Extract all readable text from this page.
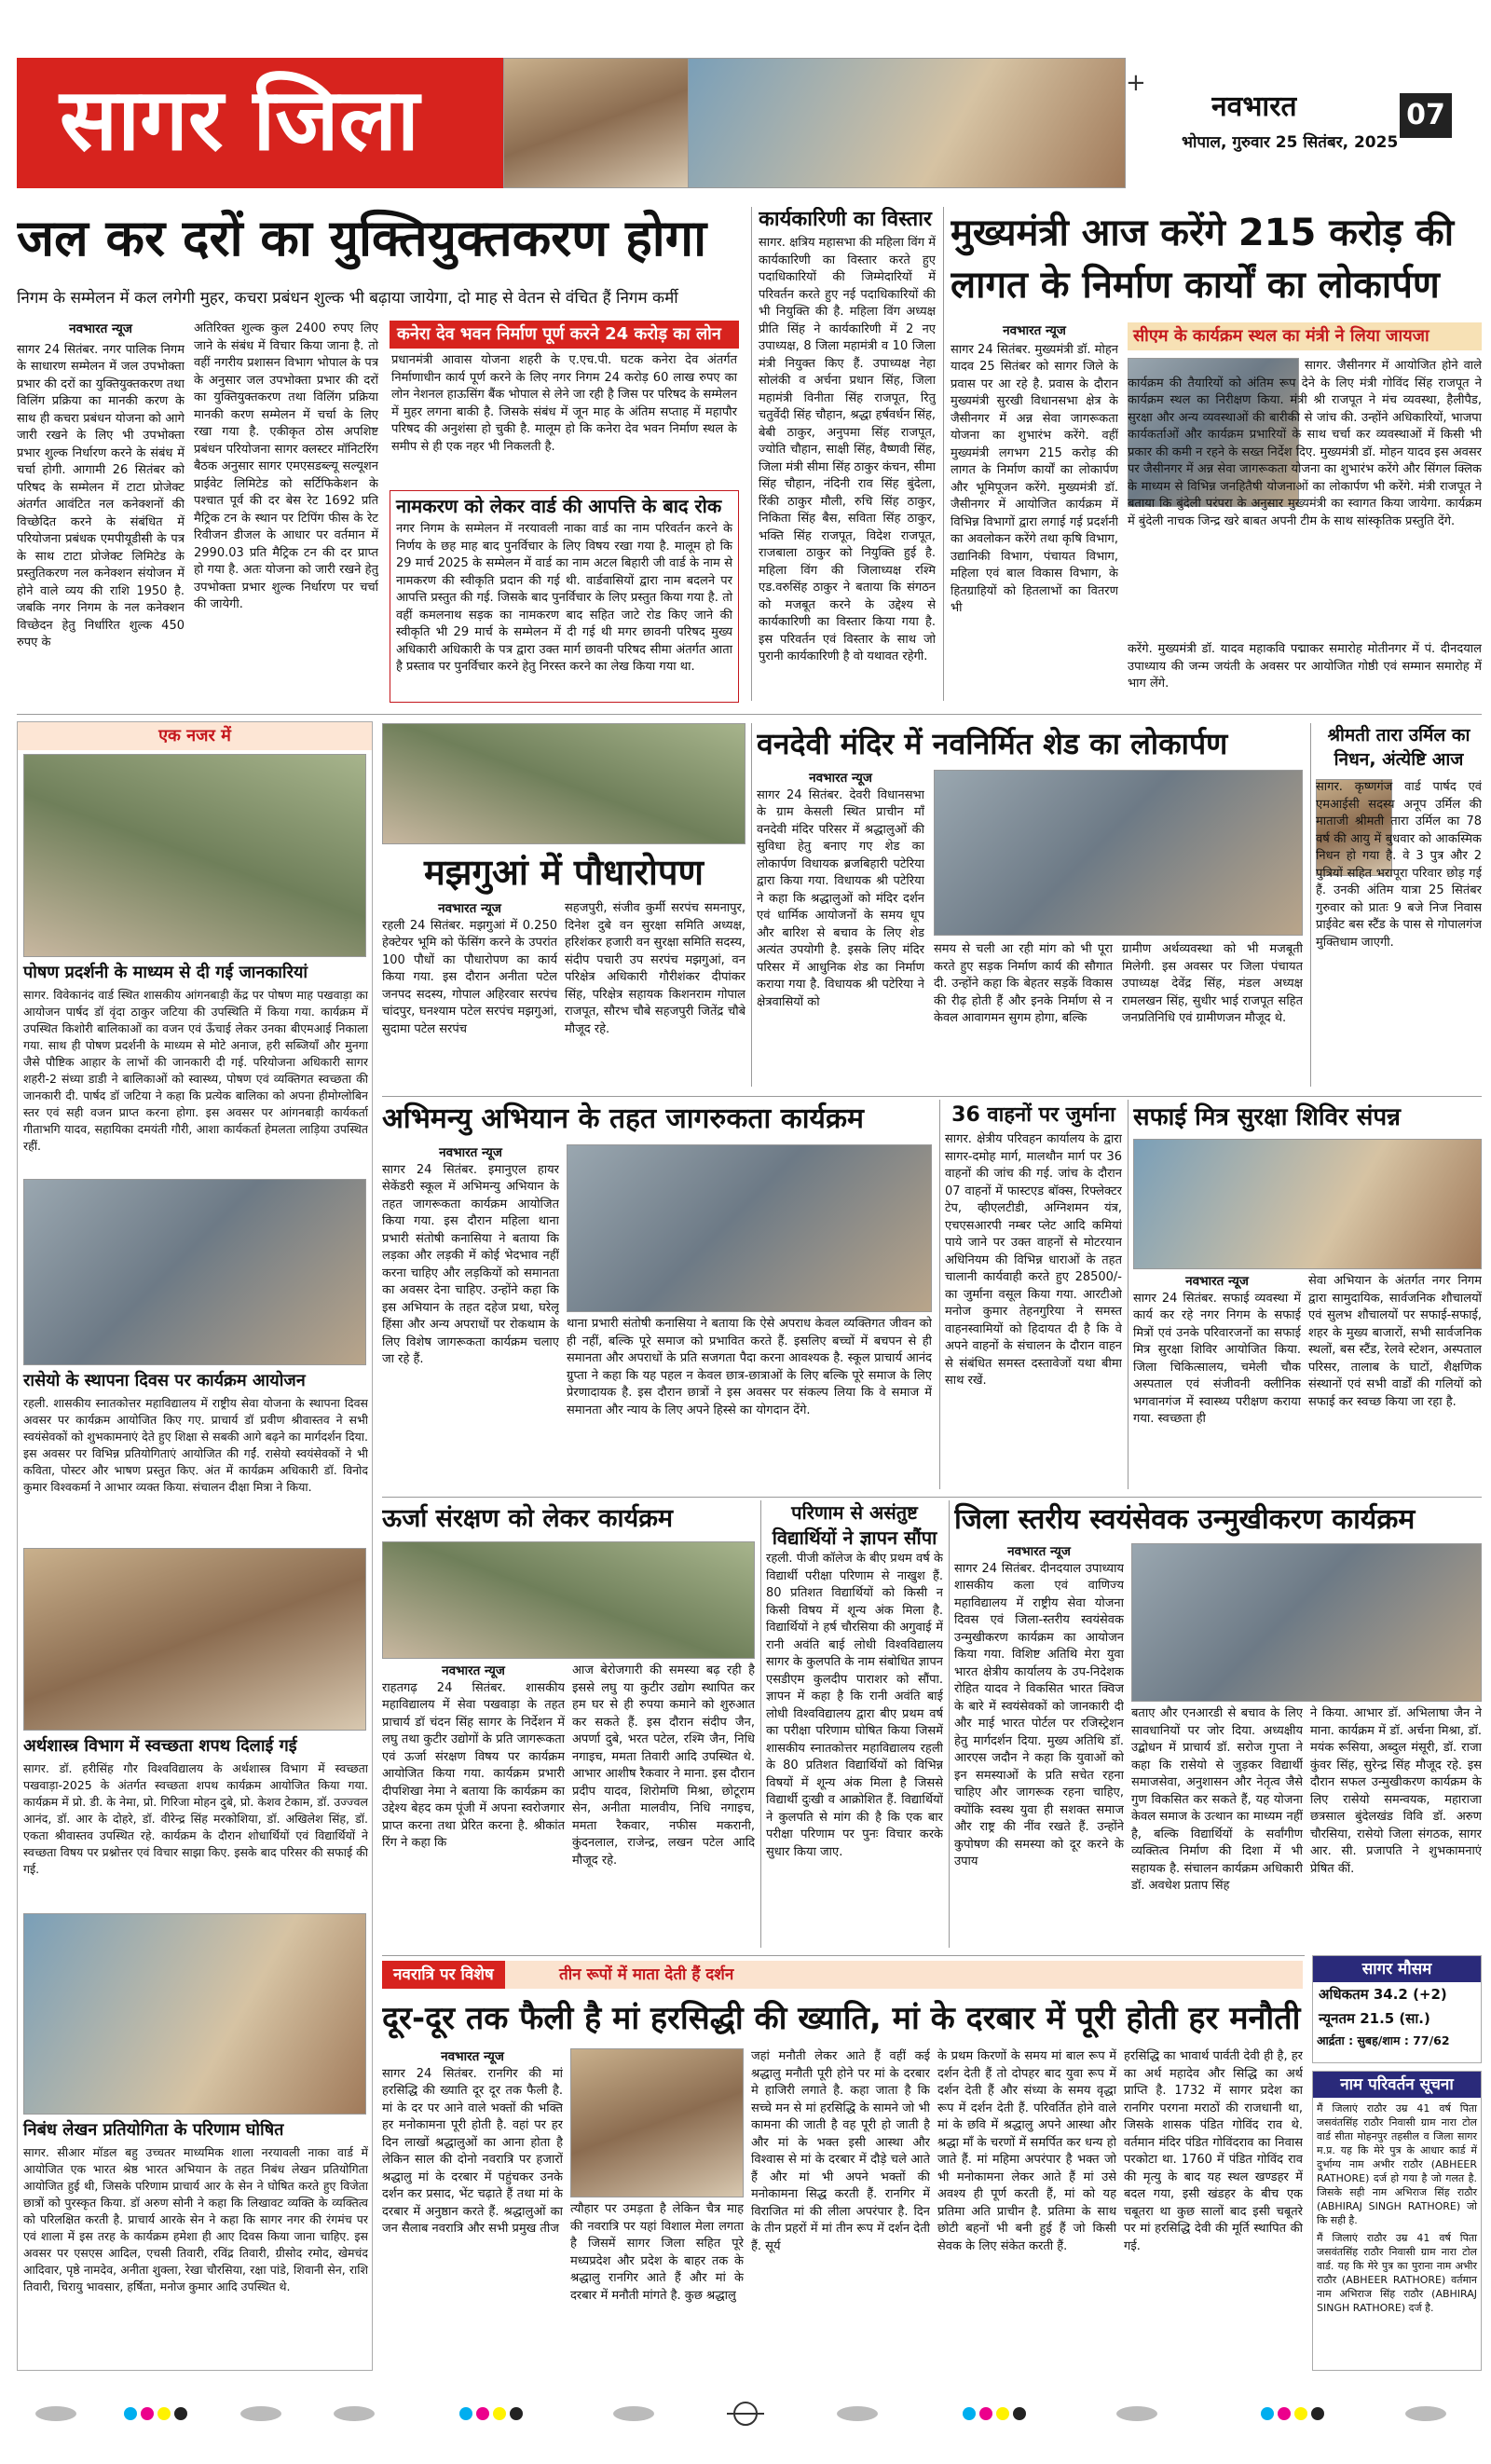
+
सागर जिला	नवभारत	07
भोपाल, गुरुवार 25 सितंबर, 2025
जल कर दरों का युक्तियुक्तकरण होगा
निगम के सम्मेलन में कल लगेगी मुहर, कचरा प्रबंधन शुल्क भी बढ़ाया जायेगा, दो माह से वेतन से वंचित हैं निगम कर्मी
नवभारत न्यूज
सागर 24 सितंबर. नगर पालिक निगम के साधारण सम्मेलन में जल उपभोक्ता प्रभार की दरों का युक्तियुक्तकरण तथा विलिंग प्रक्रिया का मानकी करण के साथ ही कचरा प्रबंधन योजना को आगे जारी रखने के लिए भी उपभोक्ता प्रभार शुल्क निर्धारण करने के संबंध में चर्चा होगी. आगामी 26 सितंबर को परिषद के सम्मेलन में टाटा प्रोजेक्ट अंतर्गत आवंटित नल कनेक्शनों की विच्छेदित करने के संबंधित में परियोजना प्रबंधक एमपीयूडीसी के पत्र के साथ टाटा प्रोजेक्ट लिमिटेड के प्रस्तुतिकरण नल कनेक्शन संयोजन में होने वाले व्यय की राशि 1950 है. जबकि नगर निगम के नल कनेक्शन विच्छेदन हेतु निर्धारित शुल्क 450 रुपए के
अतिरिक्त शुल्क कुल 2400 रुपए लिए जाने के संबंध में विचार किया जाना है. तो वहीं नगरीय प्रशासन विभाग भोपाल के पत्र के अनुसार जल उपभोक्ता प्रभार की दरों का युक्तियुक्तकरण तथा विलिंग प्रक्रिया मानकी करण सम्मेलन में चर्चा के लिए रखा गया है. एकीकृत ठोस अपशिष्ट प्रबंधन परियोजना सागर क्लस्टर मॉनिटरिंग बैठक अनुसार सागर एमएसडब्ल्यू सल्यूशन प्राईवेट लिमिटेड को सर्टिफिकेशन के पश्चात पूर्व की दर बेस रेट 1692 प्रति मैट्रिक टन के स्थान पर टिपिंग फीस के रेट रिवीजन डीजल के आधार पर वर्तमान में 2990.03 प्रति मैट्रिक टन की दर प्राप्त हो गया है. अतः योजना को जारी रखने हेतु उपभोक्ता प्रभार शुल्क निर्धारण पर चर्चा की जायेगी.
कनेरा देव भवन निर्माण पूर्ण करने 24 करोड़ का लोन
प्रधानमंत्री आवास योजना शहरी के ए.एच.पी. घटक कनेरा देव अंतर्गत निर्माणाधीन कार्य पूर्ण करने के लिए नगर निगम 24 करोड़ 60 लाख रुपए का लोन नेशनल हाऊसिंग बैंक भोपाल से लेने जा रही है जिस पर परिषद के सम्मेलन में मुहर लगना बाकी है. जिसके संबंध में जून माह के अंतिम सप्ताह में महापौर परिषद की अनुशंसा हो चुकी है. मालूम हो कि कनेरा देव भवन निर्माण स्थल के समीप से ही एक नहर भी निकलती है.
नामकरण को लेकर वार्ड की आपत्ति के बाद रोक
नगर निगम के सम्मेलन में नरयावली नाका वार्ड का नाम परिवर्तन करने के निर्णय के छह माह बाद पुनर्विचार के लिए विषय रखा गया है. मालूम हो कि 29 मार्च 2025 के सम्मेलन में वार्ड का नाम अटल बिहारी जी वार्ड के नाम से नामकरण की स्वीकृति प्रदान की गई थी. वार्डवासियों द्वारा नाम बदलने पर आपत्ति प्रस्तुत की गई. जिसके बाद पुनर्विचार के लिए प्रस्तुत किया गया है. तो वहीं कमलनाथ सड़क का नामकरण बाद सहित जाटे रोड किए जाने की स्वीकृति भी 29 मार्च के सम्मेलन में दी गई थी मगर छावनी परिषद मुख्य अधिकारी अधिकारी के पत्र द्वारा उक्त मार्ग छावनी परिषद सीमा अंतर्गत आता है प्रस्ताव पर पुनर्विचार करने हेतु निरस्त करने का लेख किया गया था.
कार्यकारिणी का विस्तार
सागर. क्षत्रिय महासभा की महिला विंग में कार्यकारिणी का विस्तार करते हुए पदाधिकारियों की जिम्मेदारियों में परिवर्तन करते हुए नई पदाधिकारियों की भी नियुक्ति की है. महिला विंग अध्यक्ष प्रीति सिंह ने कार्यकारिणी में 2 नए उपाध्यक्ष, 8 जिला महामंत्री व 10 जिला मंत्री नियुक्त किए हैं. उपाध्यक्ष नेहा सोलंकी व अर्चना प्रधान सिंह, जिला महामंत्री विनीता सिंह राजपूत, रितु चतुर्वेदी सिंह चौहान, श्रद्धा हर्षवर्धन सिंह, बेबी ठाकुर, अनुपमा सिंह राजपूत, ज्योति चौहान, साक्षी सिंह, वैष्णवी सिंह, जिला मंत्री सीमा सिंह ठाकुर कंचन, सीमा सिंह चौहान, नंदिनी राव सिंह बुंदेला, रिंकी ठाकुर मौली, रुचि सिंह ठाकुर, निकिता सिंह बैस, सविता सिंह ठाकुर, भक्ति सिंह राजपूत, विदेश राजपूत, राजबाला ठाकुर को नियुक्ति हुई है. महिला विंग की जिलाध्यक्ष रश्मि एड.वरुसिंह ठाकुर ने बताया कि संगठन को मजबूत करने के उद्देश्य से कार्यकारिणी का विस्तार किया गया है. इस परिवर्तन एवं विस्तार के साथ जो पुरानी कार्यकारिणी है वो यथावत रहेगी.
मुख्यमंत्री आज करेंगे 215 करोड़ की लागत के निर्माण कार्यों का लोकार्पण
नवभारत न्यूज
सागर 24 सितंबर. मुख्यमंत्री डॉ. मोहन यादव 25 सितंबर को सागर जिले के प्रवास पर आ रहे है. प्रवास के दौरान मुख्यमंत्री सुरखी विधानसभा क्षेत्र के जैसीनगर में अन्न सेवा जागरूकता योजना का शुभारंभ करेंगे. वहीं मुख्यमंत्री लगभग 215 करोड़ की लागत के निर्माण कार्यों का लोकार्पण और भूमिपूजन करेंगे. मुख्यमंत्री डॉ. जैसीनगर में आयोजित कार्यक्रम में विभिन्न विभागों द्वारा लगाई गई प्रदर्शनी का अवलोकन करेंगे तथा कृषि विभाग, उद्यानिकी विभाग, पंचायत विभाग, महिला एवं बाल विकास विभाग, के हितग्राहियों को हितलाभों का वितरण भी
सीएम के कार्यक्रम स्थल का मंत्री ने लिया जायजा
सागर. जैसीनगर में आयोजित होने वाले कार्यक्रम की तैयारियों को अंतिम रूप देने के लिए मंत्री गोविंद सिंह राजपूत ने कार्यक्रम स्थल का निरीक्षण किया. मंत्री श्री राजपूत ने मंच व्यवस्था, हैलीपैड, सुरक्षा और अन्य व्यवस्थाओं की बारीकी से जांच की. उन्होंने अधिकारियों, भाजपा कार्यकर्ताओं और कार्यक्रम प्रभारियों के साथ चर्चा कर व्यवस्थाओं में किसी भी प्रकार की कमी न रहने के सख्त निर्देश दिए. मुख्यमंत्री डॉ. मोहन यादव इस अवसर पर जैसीनगर में अन्न सेवा जागरूकता योजना का शुभारंभ करेंगे और सिंगल क्लिक के माध्यम से विभिन्न जनहितैषी योजनाओं का लोकार्पण भी करेंगे. मंत्री राजपूत ने बताया कि बुंदेली परंपरा के अनुसार मुख्यमंत्री का स्वागत किया जायेगा. कार्यक्रम में बुंदेली नाचक जिन्द्र खरे बाबत अपनी टीम के साथ सांस्कृतिक प्रस्तुति देंगे.
करेंगे. मुख्यमंत्री डॉ. यादव महाकवि पद्माकर समारोह मोतीनगर में पं. दीनदयाल उपाध्याय की जन्म जयंती के अवसर पर आयोजित गोष्ठी एवं सम्मान समारोह में भाग लेंगे.
एक नजर में
पोषण प्रदर्शनी के माध्यम से दी गई जानकारियां
सागर. विवेकानंद वार्ड स्थित शासकीय आंगनबाड़ी केंद्र पर पोषण माह पखवाड़ा का आयोजन पार्षद डॉ वृंदा ठाकुर जटिया की उपस्थिति में किया गया. कार्यक्रम में उपस्थित किशोरी बालिकाओं का वजन एवं ऊँचाई लेकर उनका बीएमआई निकाला गया. साथ ही पोषण प्रदर्शनी के माध्यम से मोटे अनाज, हरी सब्जियाँ और मुनगा जैसे पौष्टिक आहार के लाभों की जानकारी दी गई. परियोजना अधिकारी सागर शहरी-2 संध्या डाडी ने बालिकाओं को स्वास्थ्य, पोषण एवं व्यक्तिगत स्वच्छता की जानकारी दी. पार्षद डॉ जटिया ने कहा कि प्रत्येक बालिका को अपना हीमोग्लोबिन स्तर एवं सही वजन प्राप्त करना होगा. इस अवसर पर आंगनबाड़ी कार्यकर्ता गीताभगि यादव, सहायिका दमयंती गौरी, आशा कार्यकर्ता हेमलता लाड़िया उपस्थित रहीं.
रासेयो के स्थापना दिवस पर कार्यक्रम आयोजन
रहली. शासकीय स्नातकोत्तर महाविद्यालय में राष्ट्रीय सेवा योजना के स्थापना दिवस अवसर पर कार्यक्रम आयोजित किए गए. प्राचार्य डॉ प्रवीण श्रीवास्तव ने सभी स्वयंसेवकों को शुभकामनाएं देते हुए शिक्षा से सबकी आगे बढ़ने का मार्गदर्शन दिया. इस अवसर पर विभिन्न प्रतियोगिताएं आयोजित की गईं. रासेयो स्वयंसेवकों ने भी कविता, पोस्टर और भाषण प्रस्तुत किए. अंत में कार्यक्रम अधिकारी डॉ. विनोद कुमार विश्वकर्मा ने आभार व्यक्त किया. संचालन दीक्षा मित्रा ने किया.
अर्थशास्त्र विभाग में स्वच्छता शपथ दिलाई गई
सागर. डॉ. हरीसिंह गौर विश्वविद्यालय के अर्थशास्त्र विभाग में स्वच्छता पखवाड़ा-2025 के अंतर्गत स्वच्छता शपथ कार्यक्रम आयोजित किया गया. कार्यक्रम में प्रो. डी. के नेमा, प्रो. गिरिजा मोहन दुबे, प्रो. केशव टेकाम, डॉ. उज्ज्वल आनंद, डॉ. आर के दोहरे, डॉ. वीरेन्द्र सिंह मरकोशिया, डॉ. अखिलेश सिंह, डॉ. एकता श्रीवास्तव उपस्थित रहे. कार्यक्रम के दौरान शोधार्थियों एवं विद्यार्थियों ने स्वच्छता विषय पर प्रश्नोत्तर एवं विचार साझा किए. इसके बाद परिसर की सफाई की गई.
निबंध लेखन प्रतियोगिता के परिणाम घोषित
सागर. सीआर मॉडल बहु उच्चतर माध्यमिक शाला नरयावली नाका वार्ड में आयोजित एक भारत श्रेष्ठ भारत अभियान के तहत निबंध लेखन प्रतियोगिता आयोजित हुई थी, जिसके परिणाम प्राचार्य आर के सेन ने घोषित करते हुए विजेता छात्रों को पुरस्कृत किया. डॉ अरुण सोनी ने कहा कि लिखावट व्यक्ति के व्यक्तित्व को परिलक्षित करती है. प्राचार्य आरके सेन ने कहा कि सागर नगर की रंगमंच पर एवं शाला में इस तरह के कार्यक्रम हमेशा ही आए दिवस किया जाना चाहिए. इस अवसर पर एसएस आदिल, एचसी तिवारी, रविंद्र तिवारी, ग्रीसोद रमोद, खेमचंद आदिवार, पृष्ठे नामदेव, अनीता शुक्ला, रेखा चौरसिया, रक्षा पांडे, शिवानी सेन, राशि तिवारी, चिरायु भावसार, हर्षिता, मनोज कुमार आदि उपस्थित थे.
मझगुआं में पौधारोपण
नवभारत न्यूज
रहली 24 सितंबर. मझगुआं में 0.250 हेक्टेयर भूमि को फेंसिंग करने के उपरांत 100 पौधों का पौधारोपण का कार्य किया गया. इस दौरान अनीता पटेल जनपद सदस्य, गोपाल अहिरवार सरपंच चांदपुर, घनश्याम पटेल सरपंच मझगुआं, सुदामा पटेल सरपंच
सहजपुरी, संजीव कुर्मी सरपंच समनापुर, दिनेश दुबे वन सुरक्षा समिति अध्यक्ष, हरिशंकर हजारी वन सुरक्षा समिति सदस्य, संदीप पचारी उप सरपंच मझगुआं, वन परिक्षेत्र अधिकारी गौरीशंकर दीपांकर सिंह, परिक्षेत्र सहायक किशनराम गोपाल राजपूत, सौरभ चौबे सहजपुरी जितेंद्र चौबे मौजूद रहे.
वनदेवी मंदिर में नवनिर्मित शेड का लोकार्पण
नवभारत न्यूज
सागर 24 सितंबर. देवरी विधानसभा के ग्राम केसली स्थित प्राचीन माँ वनदेवी मंदिर परिसर में श्रद्धालुओं की सुविधा हेतु बनाए गए शेड का लोकार्पण विधायक ब्रजबिहारी पटेरिया द्वारा किया गया. विधायक श्री पटेरिया ने कहा कि श्रद्धालुओं को मंदिर दर्शन एवं धार्मिक आयोजनों के समय धूप और बारिश से बचाव के लिए शेड अत्यंत उपयोगी है. इसके लिए मंदिर परिसर में आधुनिक शेड का निर्माण कराया गया है. विधायक श्री पटेरिया ने क्षेत्रवासियों को
समय से चली आ रही मांग को भी पूरा करते हुए सड़क निर्माण कार्य की सौगात दी. उन्होंने कहा कि बेहतर सड़कें विकास की रीढ़ होती हैं और इनके निर्माण से न केवल आवागमन सुगम होगा, बल्कि
ग्रामीण अर्थव्यवस्था को भी मजबूती मिलेगी. इस अवसर पर जिला पंचायत उपाध्यक्ष देवेंद्र सिंह, मंडल अध्यक्ष रामलखन सिंह, सुधीर भाई राजपूत सहित जनप्रतिनिधि एवं ग्रामीणजन मौजूद थे.
श्रीमती तारा उर्मिल का निधन, अंत्येष्टि आज
सागर. कृष्णगंज वार्ड पार्षद एवं एमआईसी सदस्य अनूप उर्मिल की माताजी श्रीमती तारा उर्मिल का 78 वर्ष की आयु में बुधवार को आकस्मिक निधन हो गया है. वे 3 पुत्र और 2 पुत्रियों सहित भरापूरा परिवार छोड़ गई हैं. उनकी अंतिम यात्रा 25 सितंबर गुरुवार को प्रातः 9 बजे निज निवास प्राईवेट बस स्टैंड के पास से गोपालगंज मुक्तिधाम जाएगी.
अभिमन्यु अभियान के तहत जागरुकता कार्यक्रम
नवभारत न्यूज
सागर 24 सितंबर. इमानुएल हायर सेकेंडरी स्कूल में अभिमन्यु अभियान के तहत जागरूकता कार्यक्रम आयोजित किया गया. इस दौरान महिला थाना प्रभारी संतोषी कनासिया ने बताया कि लड़का और लड़की में कोई भेदभाव नहीं करना चाहिए और लड़कियों को समानता का अवसर देना चाहिए. उन्होंने कहा कि इस अभियान के तहत दहेज प्रथा, घरेलू हिंसा और अन्य अपराधों पर रोकथाम के लिए विशेष जागरूकता कार्यक्रम चलाए जा रहे हैं.
थाना प्रभारी संतोषी कनासिया ने बताया कि ऐसे अपराध केवल व्यक्तिगत जीवन को ही नहीं, बल्कि पूरे समाज को प्रभावित करते हैं. इसलिए बच्चों में बचपन से ही समानता और अपराधों के प्रति सजगता पैदा करना आवश्यक है. स्कूल प्राचार्य आनंद ग्रुप्ता ने कहा कि यह पहल न केवल छात्र-छात्राओं के लिए बल्कि पूरे समाज के लिए प्रेरणादायक है. इस दौरान छात्रों ने इस अवसर पर संकल्प लिया कि वे समाज में समानता और न्याय के लिए अपने हिस्से का योगदान देंगे.
36 वाहनों पर जुर्माना
सागर. क्षेत्रीय परिवहन कार्यालय के द्वारा सागर-दमोह मार्ग, मालथौन मार्ग पर 36 वाहनों की जांच की गई. जांच के दौरान 07 वाहनों में फास्टएड बॉक्स, रिफ्लेक्टर टेप, व्हीएलटीडी, अग्निशमन यंत्र, एचएसआरपी नम्बर प्लेट आदि कमियां पाये जाने पर उक्त वाहनों से मोटरयान अधिनियम की विभिन्न धाराओं के तहत चालानी कार्यवाही करते हुए 28500/- का जुर्माना वसूल किया गया. आरटीओ मनोज कुमार तेहनगुरिया ने समस्त वाहनस्वामियों को हिदायत दी है कि वे अपने वाहनों के संचालन के दौरान वाहन से संबंधित समस्त दस्तावेजों यथा बीमा साथ रखें.
सफाई मित्र सुरक्षा शिविर संपन्न
नवभारत न्यूज
सागर 24 सितंबर. सफाई व्यवस्था में कार्य कर रहे नगर निगम के सफाई मित्रों एवं उनके परिवारजनों का सफाई मित्र सुरक्षा शिविर आयोजित किया. जिला चिकित्सालय, चमेली चौक अस्पताल एवं संजीवनी क्लीनिक भगवानगंज में स्वास्थ्य परीक्षण कराया गया. स्वच्छता ही
सेवा अभियान के अंतर्गत नगर निगम द्वारा सामुदायिक, सार्वजनिक शौचालयों एवं सुलभ शौचालयों पर सफाई-सफाई, शहर के मुख्य बाजारों, सभी सार्वजनिक स्थलों, बस स्टैंड, रेलवे स्टेशन, अस्पताल परिसर, तालाब के घाटों, शैक्षणिक संस्थानों एवं सभी वार्डों की गलियों को सफाई कर स्वच्छ किया जा रहा है.
ऊर्जा संरक्षण को लेकर कार्यक्रम
नवभारत न्यूज
राहतगढ़ 24 सितंबर. शासकीय महाविद्यालय में सेवा पखवाड़ा के तहत प्राचार्य डॉ चंदन सिंह सागर के निर्देशन में लघु तथा कुटीर उद्योगों के प्रति जागरूकता एवं ऊर्जा संरक्षण विषय पर कार्यक्रम आयोजित किया गया. कार्यक्रम प्रभारी दीपशिखा नेमा ने बताया कि कार्यक्रम का उद्देश्य बेहद कम पूंजी में अपना स्वरोजगार प्राप्त करना तथा प्रेरित करना है. श्रीकांत रिंग ने कहा कि
आज बेरोजगारी की समस्या बढ़ रही है इससे लघु या कुटीर उद्योग स्थापित कर हम घर से ही रुपया कमाने को शुरुआत कर सकते हैं. इस दौरान संदीप जैन, अपर्णा दुबे, भरत पटेल, रश्मि जैन, निधि नगाइच, ममता तिवारी आदि उपस्थित थे. आभार आशीष रैकवार ने माना. इस दौरान प्रदीप यादव, शिरोमणि मिश्रा, छोटूराम सेन, अनीता मालवीय, निधि नगाइच, ममता रैकवार, नफीस मकरानी, कुंदनलाल, राजेन्द्र, लखन पटेल आदि मौजूद रहे.
परिणाम से असंतुष्ट विद्यार्थियों ने ज्ञापन सौंपा
रहली. पीजी कॉलेज के बीए प्रथम वर्ष के विद्यार्थी परीक्षा परिणाम से नाखुश हैं. 80 प्रतिशत विद्यार्थियों को किसी न किसी विषय में शून्य अंक मिला है. विद्यार्थियों ने हर्ष चौरसिया की अगुवाई में रानी अवंति बाई लोधी विश्वविद्यालय सागर के कुलपति के नाम संबोधित ज्ञापन एसडीएम कुलदीप पाराशर को सौंपा. ज्ञापन में कहा है कि रानी अवंति बाई लोधी विश्वविद्यालय द्वारा बीए प्रथम वर्ष का परीक्षा परिणाम घोषित किया जिसमें शासकीय स्नातकोत्तर महाविद्यालय रहली के 80 प्रतिशत विद्यार्थियों को विभिन्न विषयों में शून्य अंक मिला है जिससे विद्यार्थी दुःखी व आक्रोशित हैं. विद्यार्थियों ने कुलपति से मांग की है कि एक बार परीक्षा परिणाम पर पुनः विचार करके सुधार किया जाए.
जिला स्तरीय स्वयंसेवक उन्मुखीकरण कार्यक्रम
नवभारत न्यूज
सागर 24 सितंबर. दीनदयाल उपाध्याय शासकीय कला एवं वाणिज्य महाविद्यालय में राष्ट्रीय सेवा योजना दिवस एवं जिला-स्तरीय स्वयंसेवक उन्मुखीकरण कार्यक्रम का आयोजन किया गया. विशिष्ट अतिथि मेरा युवा भारत क्षेत्रीय कार्यालय के उप-निदेशक रोहित यादव ने विकसित भारत क्विज के बारे में स्वयंसेवकों को जानकारी दी और माई भारत पोर्टल पर रजिस्ट्रेशन हेतु मार्गदर्शन दिया. मुख्य अतिथि डॉ. आरएस जदौन ने कहा कि युवाओं को इन समस्याओं के प्रति सचेत रहना चाहिए और जागरूक रहना चाहिए, क्योंकि स्वस्थ युवा ही सशक्त समाज और राष्ट्र की नींव रखते हैं. उन्होंने कुपोषण की समस्या को दूर करने के उपाय
बताए और एनआरडी से बचाव के लिए सावधानियों पर जोर दिया. अध्यक्षीय उद्बोधन में प्राचार्य डॉ. सरोज गुप्ता ने कहा कि रासेयो से जुड़कर विद्यार्थी समाजसेवा, अनुशासन और नेतृत्व जैसे गुण विकसित कर सकते हैं, यह योजना केवल समाज के उत्थान का माध्यम नहीं है, बल्कि विद्यार्थियों के सर्वांगीण व्यक्तित्व निर्माण की दिशा में भी सहायक है. संचालन कार्यक्रम अधिकारी डॉ. अवधेश प्रताप सिंह
ने किया. आभार डॉ. अभिलाषा जैन ने माना. कार्यक्रम में डॉ. अर्चना मिश्रा, डॉ. मयंक रूसिया, अब्दुल मंसूरी, डॉ. राजा कुंवर सिंह, सुरेन्द्र सिंह मौजूद रहे. इस दौरान सफल उन्मुखीकरण कार्यक्रम के लिए रासेयो समन्वयक, महाराजा छत्रसाल बुंदेलखंड विवि डॉ. अरुण चौरसिया, रासेयो जिला संगठक, सागर आर. सी. प्रजापति ने शुभकामनाएं प्रेषित कीं.
नवरात्रि पर विशेष	तीन रूपों में माता देती हैं दर्शन
दूर-दूर तक फैली है मां हरसिद्धी की ख्याति, मां के दरबार में पूरी होती हर मनौती
नवभारत न्यूज
सागर 24 सितंबर. रानगिर की मां हरसिद्धि की ख्याति दूर दूर तक फैली है. मां के दर पर आने वाले भक्तों की भक्ति हर मनोकामना पूरी होती है. वहां पर हर दिन लाखों श्रद्धालुओं का आना होता है लेकिन साल की दोनो नवरात्रि पर हजारों श्रद्धालु मां के दरबार में पहुंचकर उनके दर्शन कर प्रसाद, भेंट चढ़ाते हैं तथा मां के दरबार में अनुष्ठान करते हैं. श्रद्धालुओं का जन सैलाब नवरात्रि और सभी प्रमुख तीज
त्यौहार पर उमड़ता है लेकिन चैत्र माह की नवरात्रि पर यहां विशाल मेला लगता है जिसमें सागर जिला सहित पूरे मध्यप्रदेश और प्रदेश के बाहर तक के श्रद्धालु रानगिर आते हैं और मां के दरबार में मनौती मांगते है. कुछ श्रद्धालु
जहां मनौती लेकर आते हैं वहीं कई श्रद्धालु मनौती पूरी होने पर मां के दरबार मे हाजिरी लगाते है. कहा जाता है कि सच्चे मन से मां हरसिद्धि के सामने जो भी कामना की जाती है वह पूरी हो जाती है और मां के भक्त इसी आस्था और विश्वास से मां के दरबार में दौड़े चले आते हैं और मां भी अपने भक्तों की मनोकामना सिद्ध करती हैं. रानगिर में विराजित मां की लीला अपरंपार है. दिन के तीन प्रहरों में मां तीन रूप में दर्शन देती हैं. सूर्य
के प्रथम किरणों के समय मां बाल रूप में दर्शन देती हैं तो दोपहर बाद युवा रूप में दर्शन देती हैं और संध्या के समय वृद्धा रूप में दर्शन देती हैं. परिवर्तित होने वाले मां के छवि में श्रद्धालु अपने आस्था और श्रद्धा माँ के चरणों में समर्पित कर धन्य हो जाते हैं. मां महिमा अपरंपार है भक्त जो भी मनोकामना लेकर आते हैं मां उसे अवश्य ही पूर्ण करती हैं, मां को यह प्रतिमा अति प्राचीन है. प्रतिमा के साथ छोटी बहनों भी बनी हुई हैं जो किसी सेवक के लिए संकेत करती हैं.
हरसिद्धि का भावार्थ पार्वती देवी ही है, हर का अर्थ महादेव और सिद्धि का अर्थ प्राप्ति है. 1732 में सागर प्रदेश का रानगिर परगना मराठों की राजधानी था, जिसके शासक पंडित गोविंद राव थे. वर्तमान मंदिर पंडित गोविंदराव का निवास परकोटा था. 1760 में पंडित गोविंद राव की मृत्यु के बाद यह स्थल खण्डहर में बदल गया, इसी खंडहर के बीच एक चबूतरा था कुछ सालों बाद इसी चबूतरे पर मां हरसिद्धि देवी की मूर्ति स्थापित की गई.
सागर मौसम
अधिकतम 34.2 (+2)
न्यूनतम 21.5 (सा.)
आर्द्रता : सुबह/शाम : 77/62
नाम परिवर्तन सूचना
मैं जिलाएं राठौर उम्र 41 वर्ष पिता जसवंतसिंह राठौर निवासी ग्राम नारा टोल वार्ड सीता मोहनपुर तहसील व जिला सागर म.प्र. यह कि मेरे पुत्र के आधार कार्ड में दुर्भाग्य नाम अभीर राठौर (ABHEER RATHORE) दर्ज हो गया है जो गलत है. जिसके सही नाम अभिराज सिंह राठौर (ABHIRAJ SINGH RATHORE) जो कि सही है.
मैं जिलाएं राठौर उम्र 41 वर्ष पिता जसवंतसिंह राठौर निवासी ग्राम नारा टोल वार्ड. यह कि मेरे पुत्र का पुराना नाम अभीर राठौर (ABHEER RATHORE) वर्तमान नाम अभिराज सिंह राठौर (ABHIRAJ SINGH RATHORE) दर्ज है.
